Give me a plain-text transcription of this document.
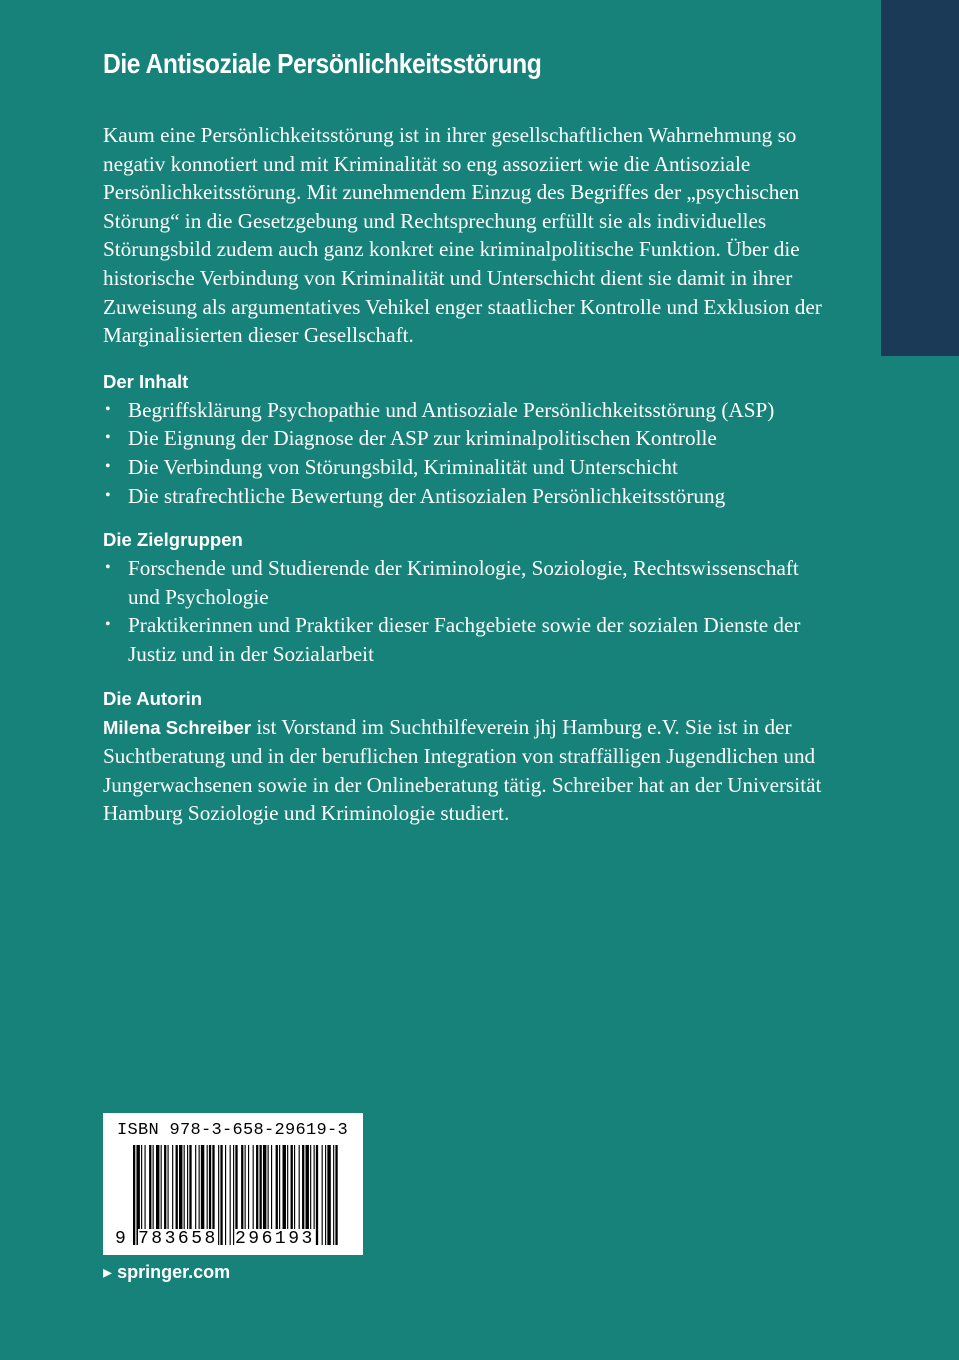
Die Antisoziale Persönlichkeitsstörung

Kaum eine Persönlichkeitsstörung ist in ihrer gesellschaftlichen Wahrnehmung so negativ konnotiert und mit Kriminalität so eng assoziiert wie die Antisoziale Persönlichkeitsstörung. Mit zunehmendem Einzug des Begriffes der „psychischen Störung“ in die Gesetzgebung und Rechtsprechung erfüllt sie als individuelles Störungsbild zudem auch ganz konkret eine kriminalpolitische Funktion. Über die historische Verbindung von Kriminalität und Unterschicht dient sie damit in ihrer Zuweisung als argumentatives Vehikel enger staatlicher Kontrolle und Exklusion der Marginalisierten dieser Gesellschaft.

Der Inhalt
• Begriffsklärung Psychopathie und Antisoziale Persönlichkeitsstörung (ASP)
• Die Eignung der Diagnose der ASP zur kriminalpolitischen Kontrolle
• Die Verbindung von Störungsbild, Kriminalität und Unterschicht
• Die strafrechtliche Bewertung der Antisozialen Persönlichkeitsstörung
Die Zielgruppen
• Forschende und Studierende der Kriminologie, Soziologie, Rechtswissenschaft und Psychologie
• Praktikerinnen und Praktiker dieser Fachgebiete sowie der sozialen Dienste der Justiz und in der Sozialarbeit
Die Autorin

Milena Schreiber ist Vorstand im Suchthilfeverein jhj Hamburg e.V. Sie ist in der Suchtberatung und in der beruflichen Integration von straffälligen Jugendlichen und Jungerwachsenen sowie in der Onlineberatung tätig. Schreiber hat an der Universität Hamburg Soziologie und Kriminologie studiert.

ISBN 978-3-658-29619-3
9 783658 296193
▸ springer.com
